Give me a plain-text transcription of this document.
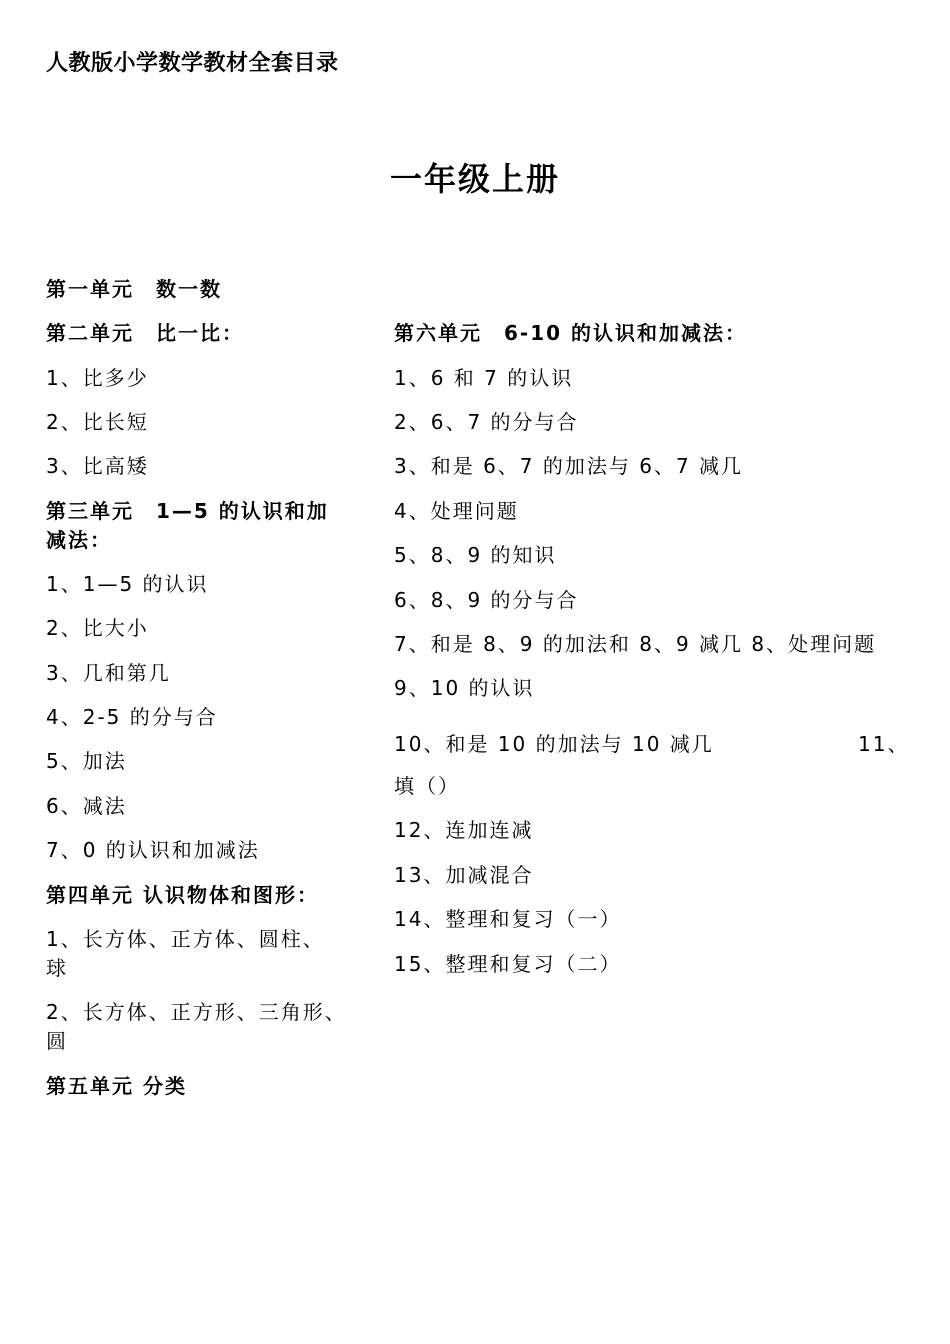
人教版小学数学教材全套目录
一年级上册
第一单元 数一数
第二单元 比一比：
1、比多少
2、比长短
3、比高矮
第三单元 1—5 的认识和加
减法：
1、1—5 的认识
2、比大小
3、几和第几
4、2-5 的分与合
5、加法
6、减法
7、0 的认识和加减法
第四单元 认识物体和图形：
1、长方体、正方体、圆柱、
球
2、长方体、正方形、三角形、
圆
第五单元 分类
第六单元 6-10 的认识和加减法：
1、6 和 7 的认识
2、6、7 的分与合
3、和是 6、7 的加法与 6、7 减几
4、处理问题
5、8、9 的知识
6、8、9 的分与合
7、和是 8、9 的加法和 8、9 减几 8、处理问题
9、10 的认识
10、和是 10 的加法与 10 减几	11、
填（）
12、连加连减
13、加减混合
14、整理和复习（一）
15、整理和复习（二）
